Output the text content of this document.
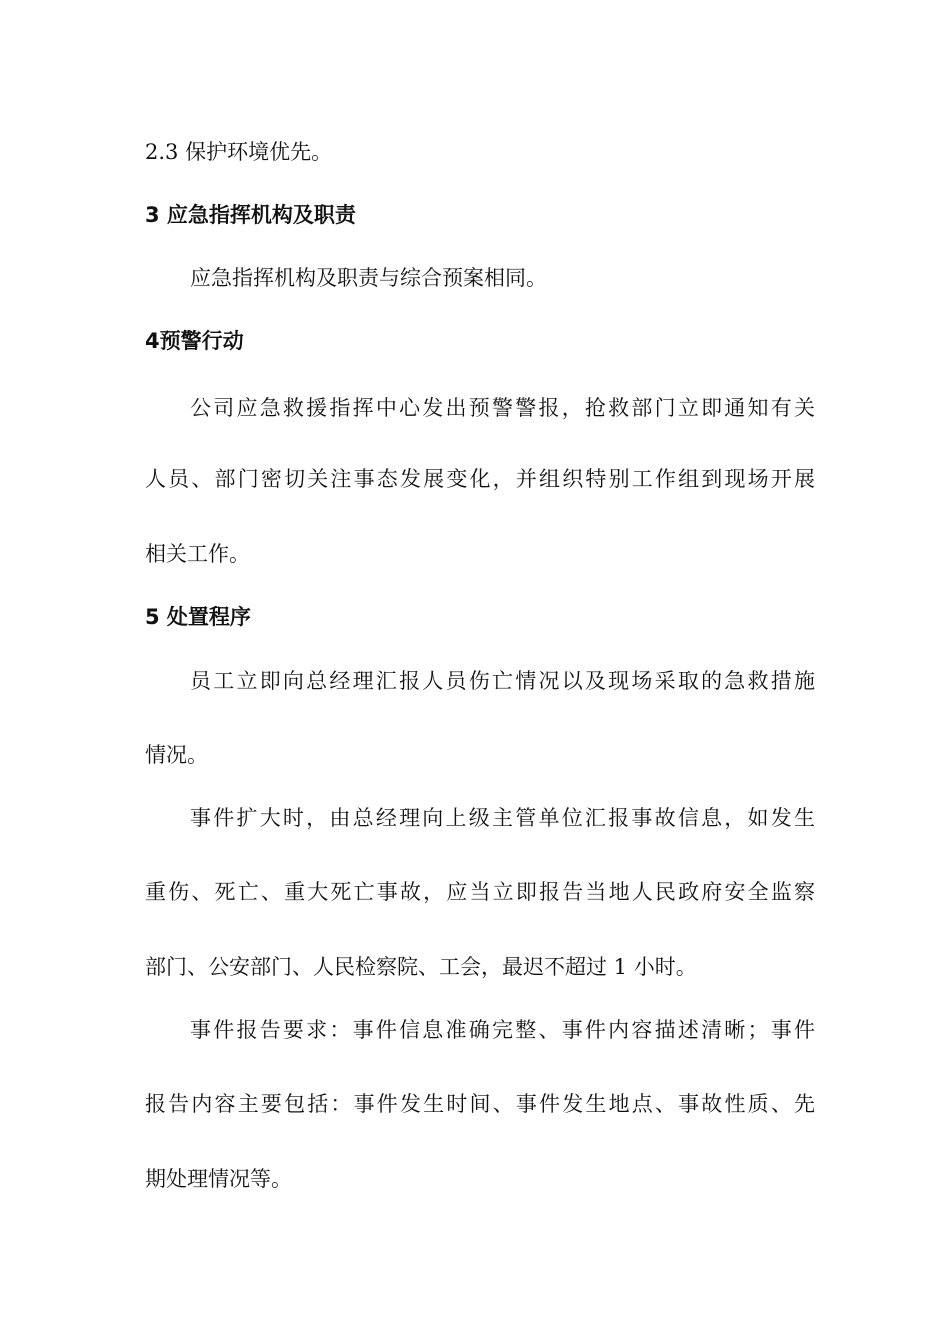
2.3 保护环境优先。
3 应急指挥机构及职责
应急指挥机构及职责与综合预案相同。
4预警行动
公司应急救援指挥中心发出预警警报，抢救部门立即通知有关
人员、部门密切关注事态发展变化，并组织特别工作组到现场开展
相关工作。
5 处置程序
员工立即向总经理汇报人员伤亡情况以及现场采取的急救措施
情况。
事件扩大时，由总经理向上级主管单位汇报事故信息，如发生
重伤、死亡、重大死亡事故，应当立即报告当地人民政府安全监察
部门、公安部门、人民检察院、工会，最迟不超过 1 小时。
事件报告要求：事件信息准确完整、事件内容描述清晰；事件
报告内容主要包括：事件发生时间、事件发生地点、事故性质、先
期处理情况等。
